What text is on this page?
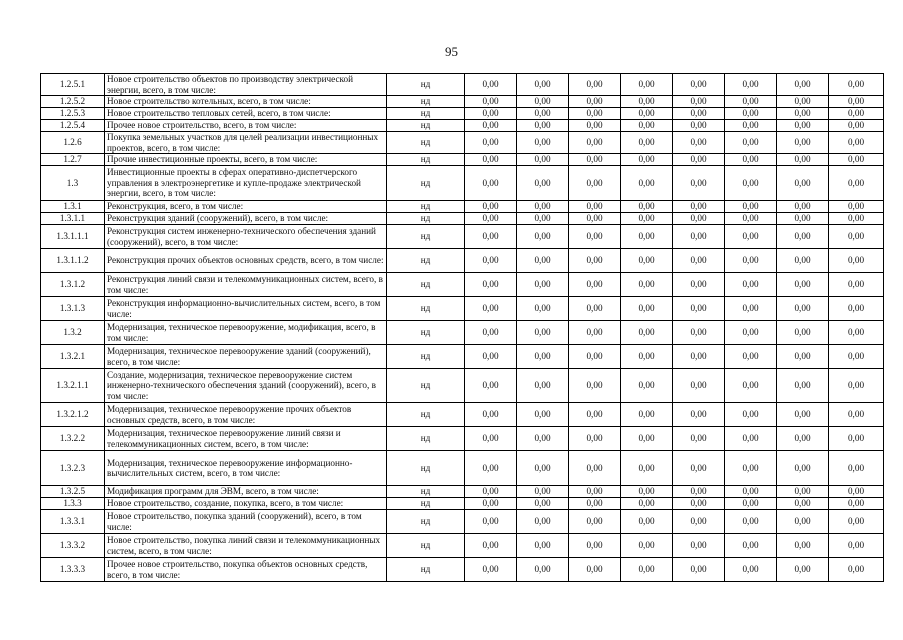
95
1.2.5.1	Новое строительство объектов по производству электрической энергии, всего, в том числе:	нд	0,00	0,00	0,00	0,00	0,00	0,00	0,00	0,00
1.2.5.2	Новое строительство котельных, всего, в том числе:	нд	0,00	0,00	0,00	0,00	0,00	0,00	0,00	0,00
1.2.5.3	Новое строительство тепловых сетей, всего, в том числе:	нд	0,00	0,00	0,00	0,00	0,00	0,00	0,00	0,00
1.2.5.4	Прочее новое строительство, всего, в том числе:	нд	0,00	0,00	0,00	0,00	0,00	0,00	0,00	0,00
1.2.6	Покупка земельных участков для целей реализации инвестиционных проектов, всего, в том числе:	нд	0,00	0,00	0,00	0,00	0,00	0,00	0,00	0,00
1.2.7	Прочие инвестиционные проекты, всего, в том числе:	нд	0,00	0,00	0,00	0,00	0,00	0,00	0,00	0,00
1.3	Инвестиционные проекты в сферах оперативно-диспетчерского управления в электроэнергетике и купле-продаже электрической энергии, всего, в том числе:	нд	0,00	0,00	0,00	0,00	0,00	0,00	0,00	0,00
1.3.1	Реконструкция, всего, в том числе:	нд	0,00	0,00	0,00	0,00	0,00	0,00	0,00	0,00
1.3.1.1	Реконструкция зданий (сооружений), всего, в том числе:	нд	0,00	0,00	0,00	0,00	0,00	0,00	0,00	0,00
1.3.1.1.1	Реконструкция систем инженерно-технического обеспечения зданий (сооружений), всего, в том числе:	нд	0,00	0,00	0,00	0,00	0,00	0,00	0,00	0,00
1.3.1.1.2	Реконструкция прочих объектов основных средств, всего, в том числе:	нд	0,00	0,00	0,00	0,00	0,00	0,00	0,00	0,00
1.3.1.2	Реконструкция линий связи и телекоммуникационных систем, всего, в том числе:	нд	0,00	0,00	0,00	0,00	0,00	0,00	0,00	0,00
1.3.1.3	Реконструкция информационно-вычислительных систем, всего, в том числе:	нд	0,00	0,00	0,00	0,00	0,00	0,00	0,00	0,00
1.3.2	Модернизация, техническое перевооружение, модификация, всего, в том числе:	нд	0,00	0,00	0,00	0,00	0,00	0,00	0,00	0,00
1.3.2.1	Модернизация, техническое перевооружение зданий (сооружений), всего, в том числе:	нд	0,00	0,00	0,00	0,00	0,00	0,00	0,00	0,00
1.3.2.1.1	Создание, модернизация, техническое перевооружение систем инженерно-технического обеспечения зданий (сооружений), всего, в том числе:	нд	0,00	0,00	0,00	0,00	0,00	0,00	0,00	0,00
1.3.2.1.2	Модернизация, техническое перевооружение прочих объектов основных средств, всего, в том числе:	нд	0,00	0,00	0,00	0,00	0,00	0,00	0,00	0,00
1.3.2.2	Модернизация, техническое перевооружение линий связи и телекоммуникационных систем, всего, в том числе:	нд	0,00	0,00	0,00	0,00	0,00	0,00	0,00	0,00
1.3.2.3	Модернизация, техническое перевооружение информационно-вычислительных систем, всего, в том числе:	нд	0,00	0,00	0,00	0,00	0,00	0,00	0,00	0,00
1.3.2.5	Модификация программ для ЭВМ, всего, в том числе:	нд	0,00	0,00	0,00	0,00	0,00	0,00	0,00	0,00
1.3.3	Новое строительство, создание, покупка, всего, в том числе:	нд	0,00	0,00	0,00	0,00	0,00	0,00	0,00	0,00
1.3.3.1	Новое строительство, покупка зданий (сооружений), всего, в том числе:	нд	0,00	0,00	0,00	0,00	0,00	0,00	0,00	0,00
1.3.3.2	Новое строительство, покупка линий связи и телекоммуникационных систем, всего, в том числе:	нд	0,00	0,00	0,00	0,00	0,00	0,00	0,00	0,00
1.3.3.3	Прочее новое строительство, покупка объектов основных средств, всего, в том числе:	нд	0,00	0,00	0,00	0,00	0,00	0,00	0,00	0,00
